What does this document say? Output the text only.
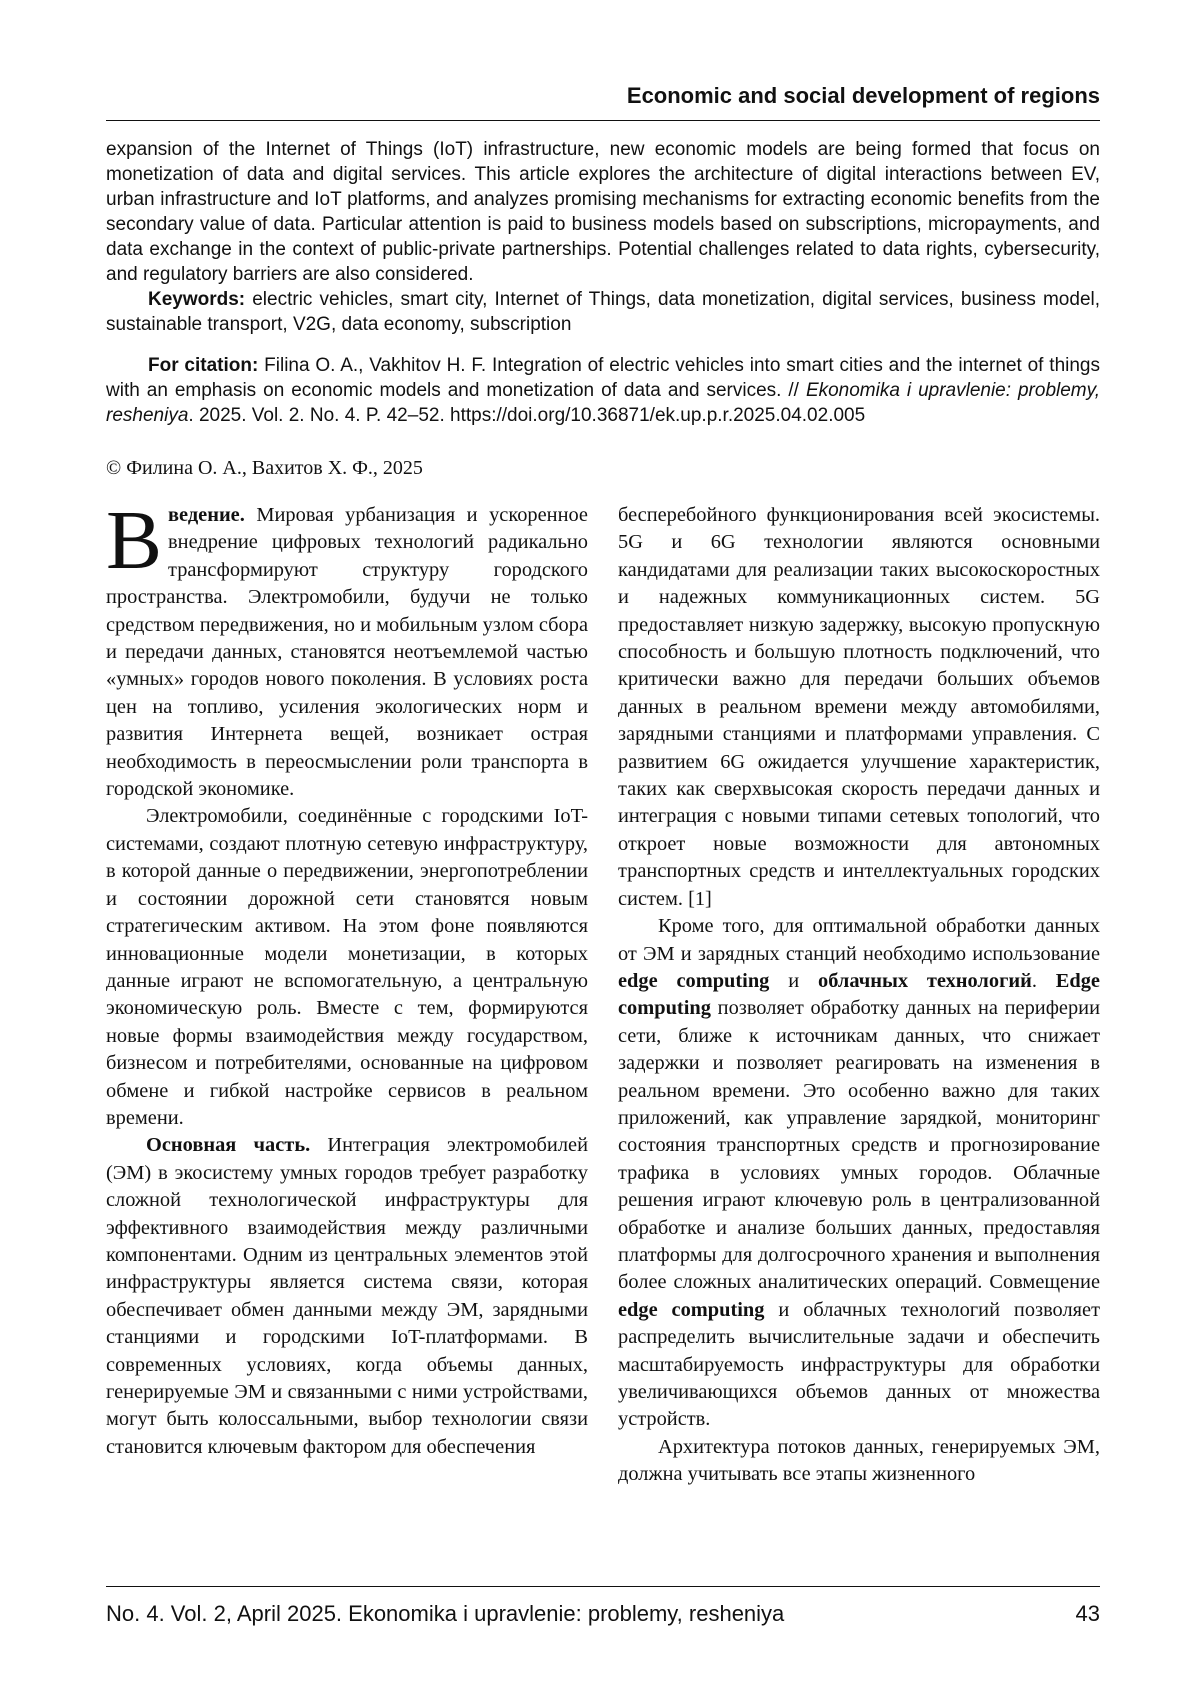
Economic and social development of regions

expansion of the Internet of Things (IoT) infrastructure, new economic models are being formed that focus on monetization of data and digital services. This article explores the architecture of digital interactions between EV, urban infrastructure and IoT platforms, and analyzes promising mechanisms for extracting economic benefits from the secondary value of data. Particular attention is paid to business models based on subscriptions, micropayments, and data exchange in the context of public-private partnerships. Potential challenges related to data rights, cybersecurity, and regulatory barriers are also considered.

Keywords: electric vehicles, smart city, Internet of Things, data monetization, digital services, business model, sustainable transport, V2G, data economy, subscription

For citation: Filina O. A., Vakhitov H. F. Integration of electric vehicles into smart cities and the internet of things with an emphasis on economic models and monetization of data and services. // Ekonomika i upravlenie: problemy, resheniya. 2025. Vol. 2. No. 4. P. 42–52. https://doi.org/10.36871/ek.up.p.r.2025.04.02.005

© Филина О. А., Вахитов Х. Ф., 2025

Введение. Мировая урбанизация и ускоренное внедрение цифровых технологий радикально трансформируют структуру городского пространства. Электромобили, будучи не только средством передвижения, но и мобильным узлом сбора и передачи данных, становятся неотъемлемой частью «умных» городов нового поколения. В условиях роста цен на топливо, усиления экологических норм и развития Интернета вещей, возникает острая необходимость в переосмыслении роли транспорта в городской экономике.

Электромобили, соединённые с городскими IoT-системами, создают плотную сетевую инфраструктуру, в которой данные о передвижении, энергопотреблении и состоянии дорожной сети становятся новым стратегическим активом. На этом фоне появляются инновационные модели монетизации, в которых данные играют не вспомогательную, а центральную экономическую роль. Вместе с тем, формируются новые формы взаимодействия между государством, бизнесом и потребителями, основанные на цифровом обмене и гибкой настройке сервисов в реальном времени.

Основная часть. Интеграция электромобилей (ЭМ) в экосистему умных городов требует разработку сложной технологической инфраструктуры для эффективного взаимодействия между различными компонентами. Одним из центральных элементов этой инфраструктуры является система связи, которая обеспечивает обмен данными между ЭМ, зарядными станциями и городскими IoT-платформами. В современных условиях, когда объемы данных, генерируемые ЭМ и связанными с ними устройствами, могут быть колоссальными, выбор технологии связи становится ключевым фактором для обеспечения

бесперебойного функционирования всей экосистемы. 5G и 6G технологии являются основными кандидатами для реализации таких высокоскоростных и надежных коммуникационных систем. 5G предоставляет низкую задержку, высокую пропускную способность и большую плотность подключений, что критически важно для передачи больших объемов данных в реальном времени между автомобилями, зарядными станциями и платформами управления. С развитием 6G ожидается улучшение характеристик, таких как сверхвысокая скорость передачи данных и интеграция с новыми типами сетевых топологий, что откроет новые возможности для автономных транспортных средств и интеллектуальных городских систем. [1]

Кроме того, для оптимальной обработки данных от ЭМ и зарядных станций необходимо использование edge computing и облачных технологий. Edge computing позволяет обработку данных на периферии сети, ближе к источникам данных, что снижает задержки и позволяет реагировать на изменения в реальном времени. Это особенно важно для таких приложений, как управление зарядкой, мониторинг состояния транспортных средств и прогнозирование трафика в условиях умных городов. Облачные решения играют ключевую роль в централизованной обработке и анализе больших данных, предоставляя платформы для долгосрочного хранения и выполнения более сложных аналитических операций. Совмещение edge computing и облачных технологий позволяет распределить вычислительные задачи и обеспечить масштабируемость инфраструктуры для обработки увеличивающихся объемов данных от множества устройств.

Архитектура потоков данных, генерируемых ЭМ, должна учитывать все этапы жизненного

No. 4. Vol. 2, April 2025. Ekonomika i upravlenie: problemy, resheniya	43
